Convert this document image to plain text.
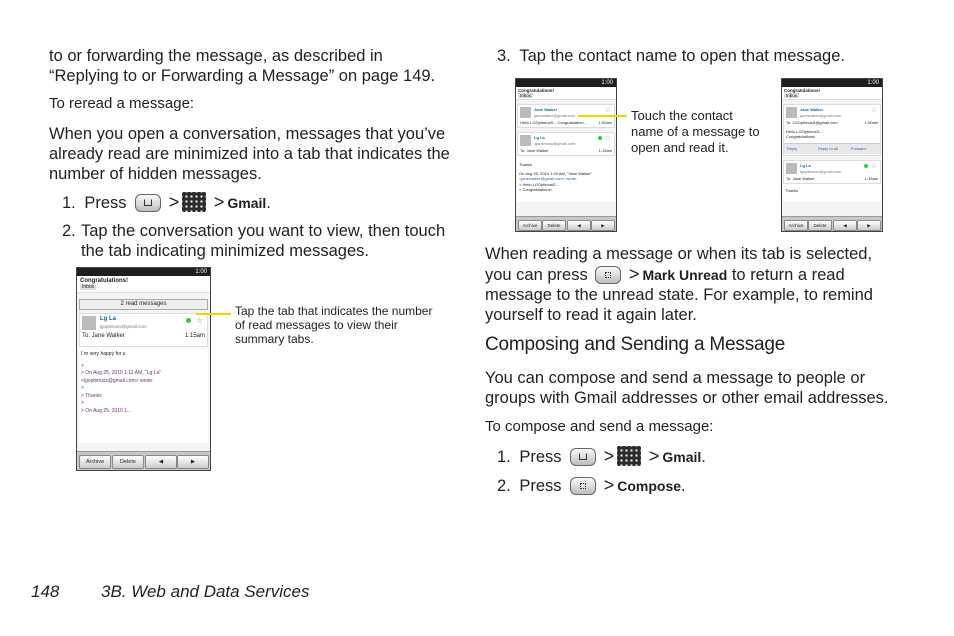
to or forwarding the message, as described in
“Replying to or Forwarding a Message” on page 149.
To reread a message:
When you open a conversation, messages that you’ve
already read are minimized into a tab that indicates the
number of hidden messages.
1. Press > > Gmail.
2. Tap the conversation you want to view, then touch
the tab indicating minimized messages.
1:00
Congratulations!
Inbox
2 read messages
Lg La
lgoptimuss@gmail.com
☆
To: Jane Walker	1:15am
I`m very happy for u
>
> On Aug 25, 2010 1:11 AM, "Lg La"
<lgoptimuss@gmail.com> wrote:
>
> Thanks
>
> On Aug 25, 2010 1...
Archive	Delete	◀	▶
Tap the tab that indicates the number
of read messages to view their
summary tabs.
3. Tap the contact name to open that message.
1:00
Congratulations!
Inbox
Jane Walker
janewalker@gmail.com
☆
Hello LGOptimusS... Congratulation...	1:00am
Lg La
lgoptimuss@gmail.com
☆
To: Jane Walker	1:15am
Thanks
On Aug 25, 2010 1:00 AM, "Jane Walker"
<janewalker@gmail.com> wrote:
> Hello LGOptimusS...
> Congratulations!
Archive	Delete	◀	▶
Touch the contact
name of a message to
open and read it.
1:00
Congratulations!
Inbox
Jane Walker
janewalker@gmail.com
☆
To: LGOptimusS@gmail.com	1:00am
Hello LGOptimusS...
Congratulations!
Reply	Reply to all	Forward
Lg La
lgoptimuss@gmail.com
☆
To: Jane Walker	1:15am
Thanks
Archive	Delete	◀	▶
When reading a message or when its tab is selected,
you can press > Mark Unread to return a read
message to the unread state. For example, to remind
yourself to read it again later.
Composing and Sending a Message
You can compose and send a message to people or
groups with Gmail addresses or other email addresses.
To compose and send a message:
1. Press > > Gmail.
2. Press > Compose.
148 3B. Web and Data Services
